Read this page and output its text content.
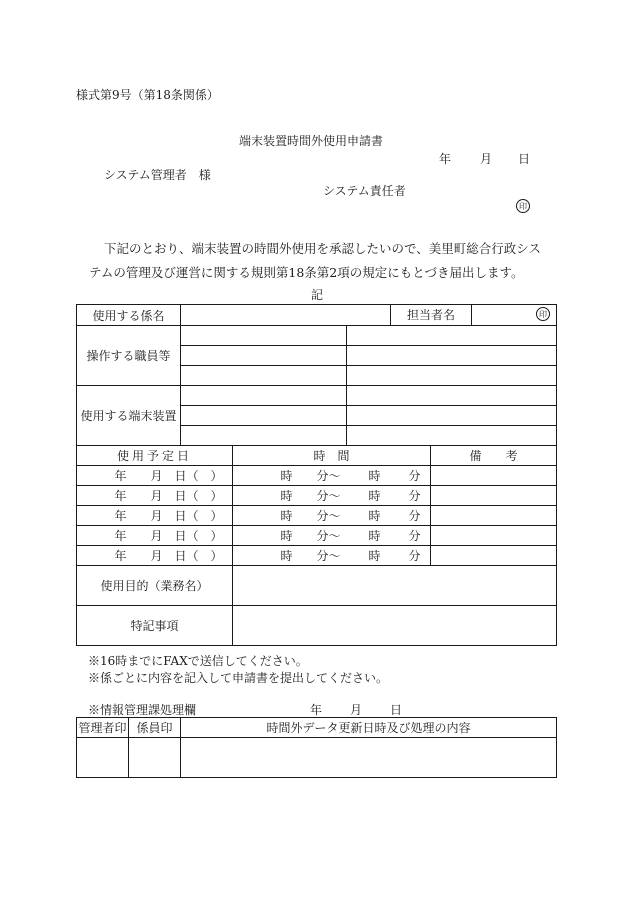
様式第9号（第18条関係）
端末装置時間外使用申請書
年 月 日
システム管理者　様
システム責任者
印
下記のとおり、端末装置の時間外使用を承認したいので、美里町総合行政シス
テムの管理及び運営に関する規則第18条第2項の規定にもとづき届出します。
記
使用する係名				担当者名 印	

操作する職員等					

使用する端末装置					

使用予定日		時　間			備　　考
年 月 日（　）		時 分～ 時 分			
年 月 日（　）		時 分～ 時 分			
年 月 日（　）		時 分～ 時 分			
年 月 日（　）		時 分～ 時 分			
年 月 日（　）		時 分～ 時 分			
使用目的（業務名）					
特記事項					
※16時までにFAXで送信してください。
※係ごとに内容を記入して申請書を提出してください。
※情報管理課処理欄	年 月 日
管理者印	係員印	時間外データ更新日時及び処理の内容
